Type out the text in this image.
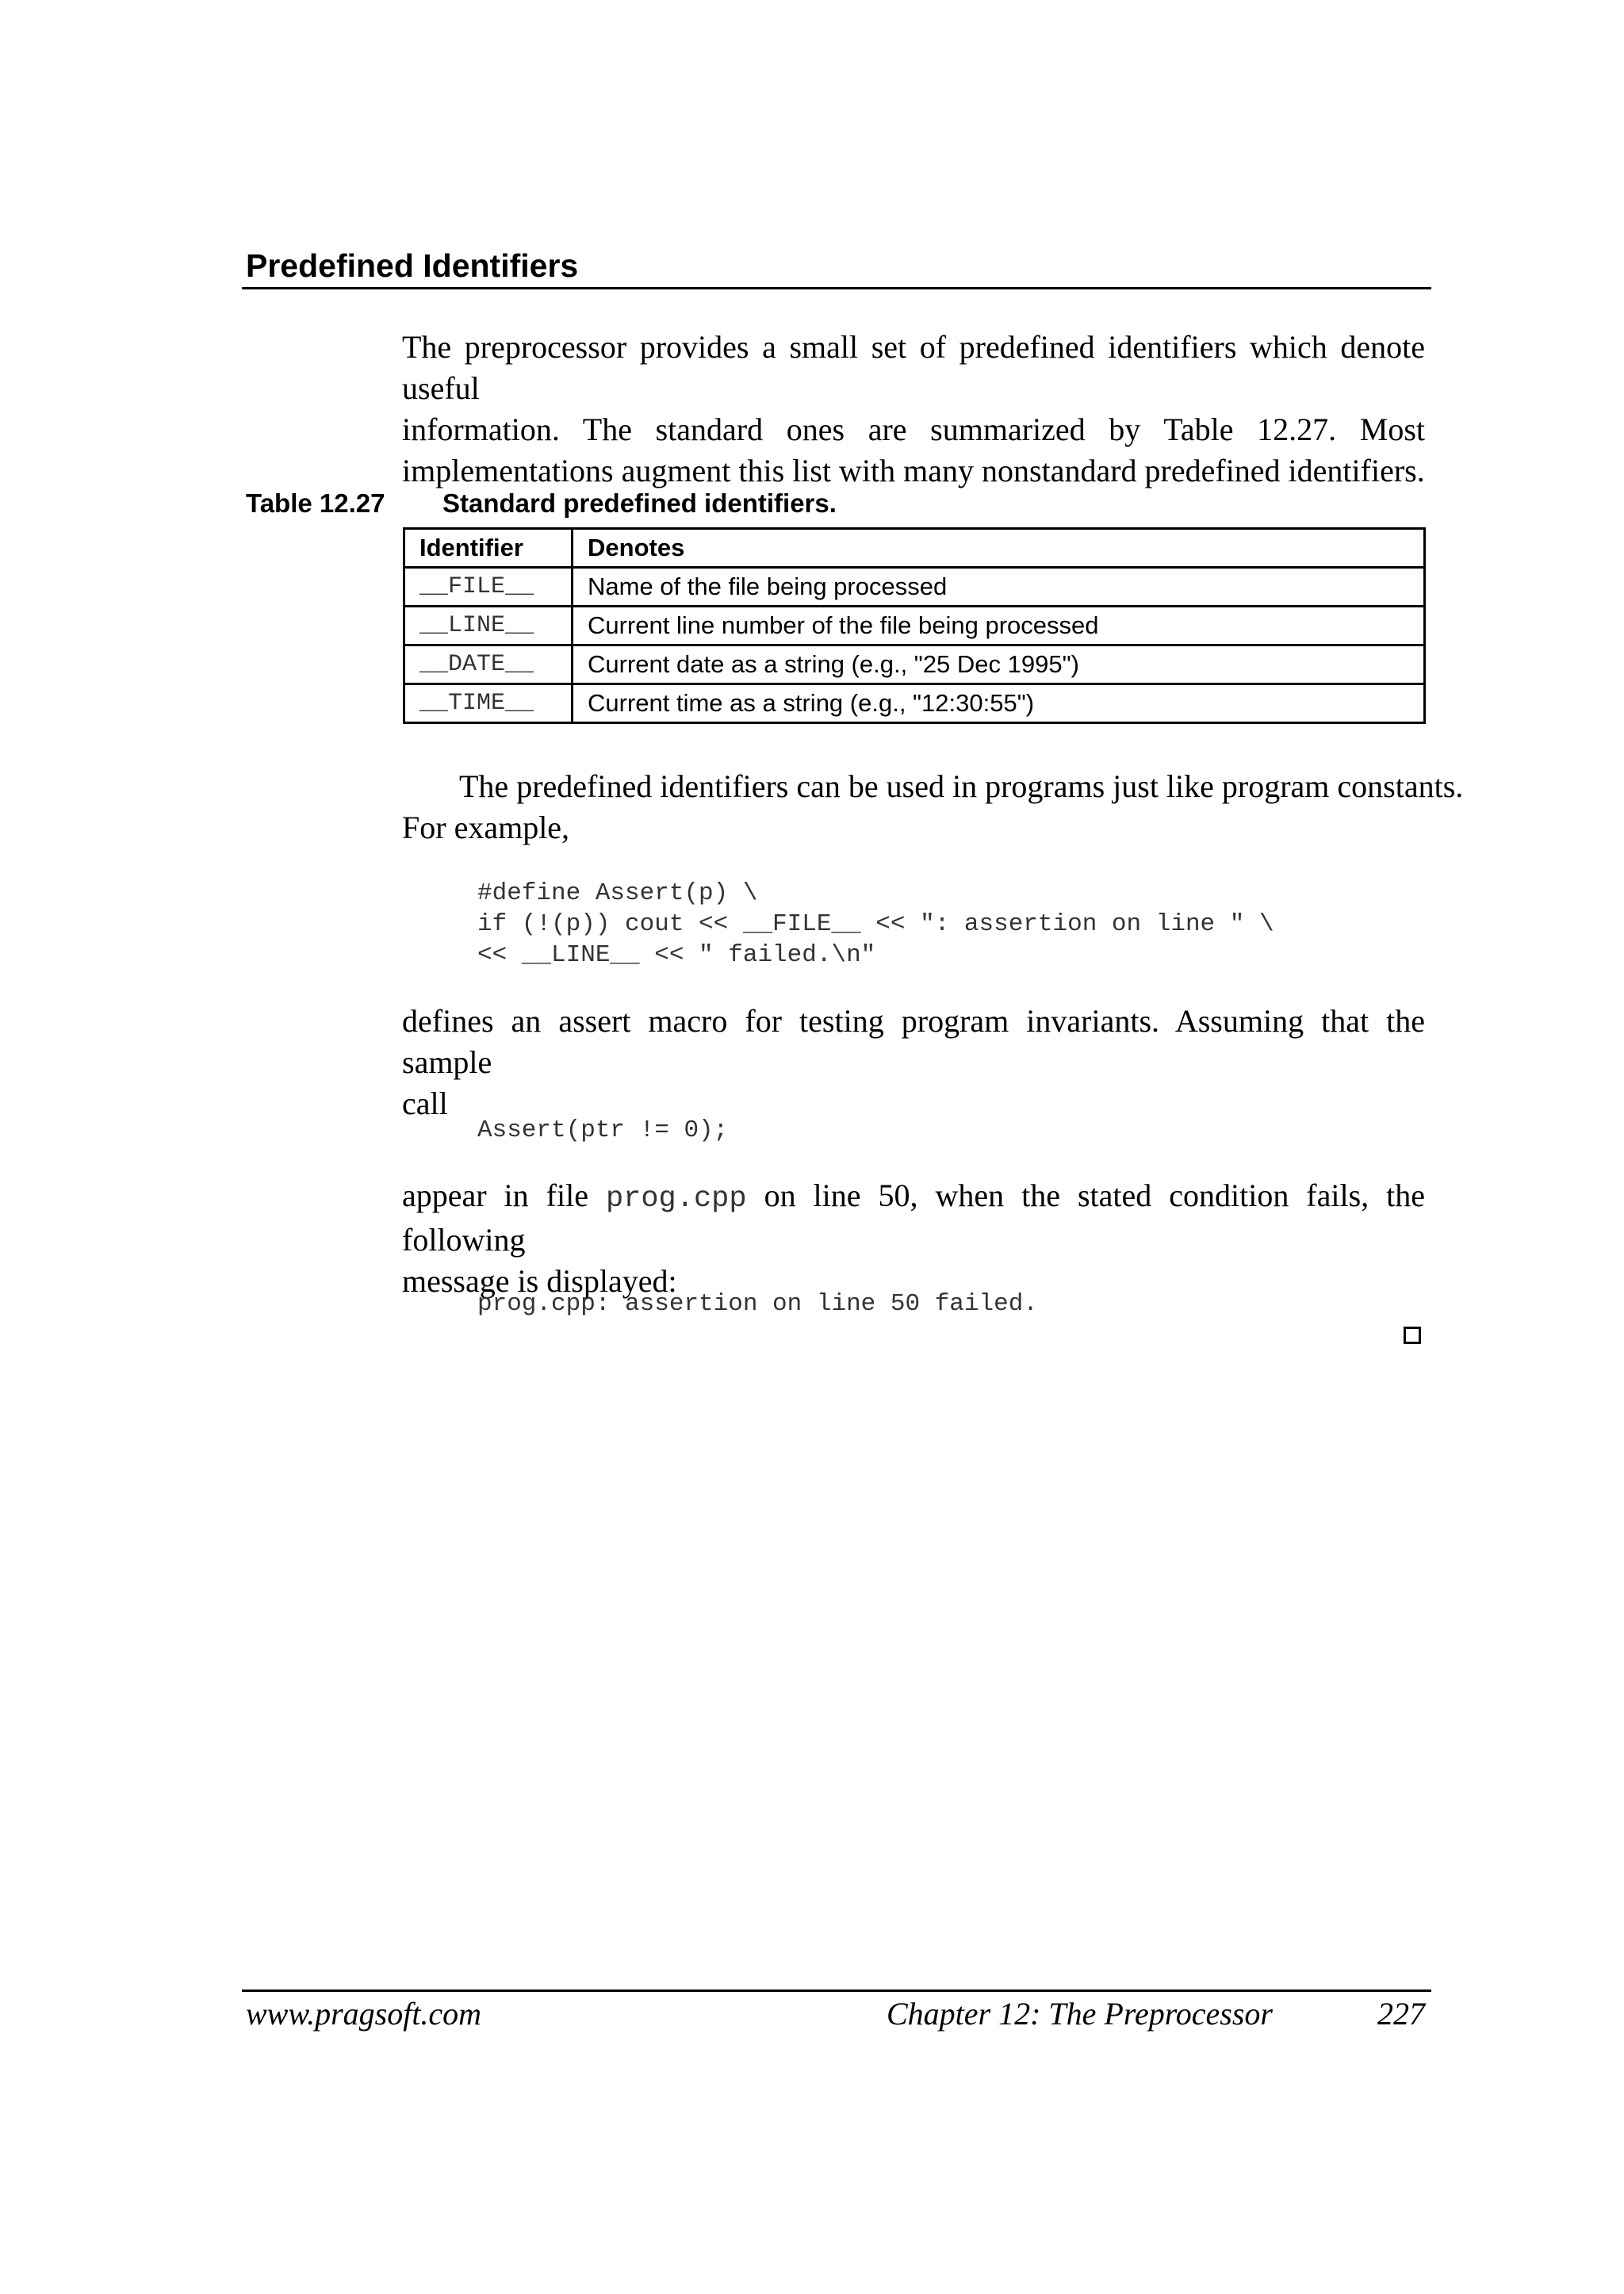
Predefined Identifiers
The preprocessor provides a small set of predefined identifiers which denote useful
information. The standard ones are summarized by Table 12.27. Most
implementations augment this list with many nonstandard predefined identifiers.
Table 12.27 Standard predefined identifiers.
Identifier	Denotes
__FILE__	Name of the file being processed
__LINE__	Current line number of the file being processed
__DATE__	Current date as a string (e.g., "25 Dec 1995")
__TIME__	Current time as a string (e.g., "12:30:55")
The predefined identifiers can be used in programs just like program constants.
For example,
#define Assert(p) \
if (!(p)) cout << __FILE__ << ": assertion on line " \
<< __LINE__ << " failed.\n"
defines an assert macro for testing program invariants. Assuming that the sample
call
Assert(ptr != 0);
appear in file prog.cpp on line 50, when the stated condition fails, the following
message is displayed:
prog.cpp: assertion on line 50 failed.
www.pragsoft.com	Chapter 12: The Preprocessor	227
